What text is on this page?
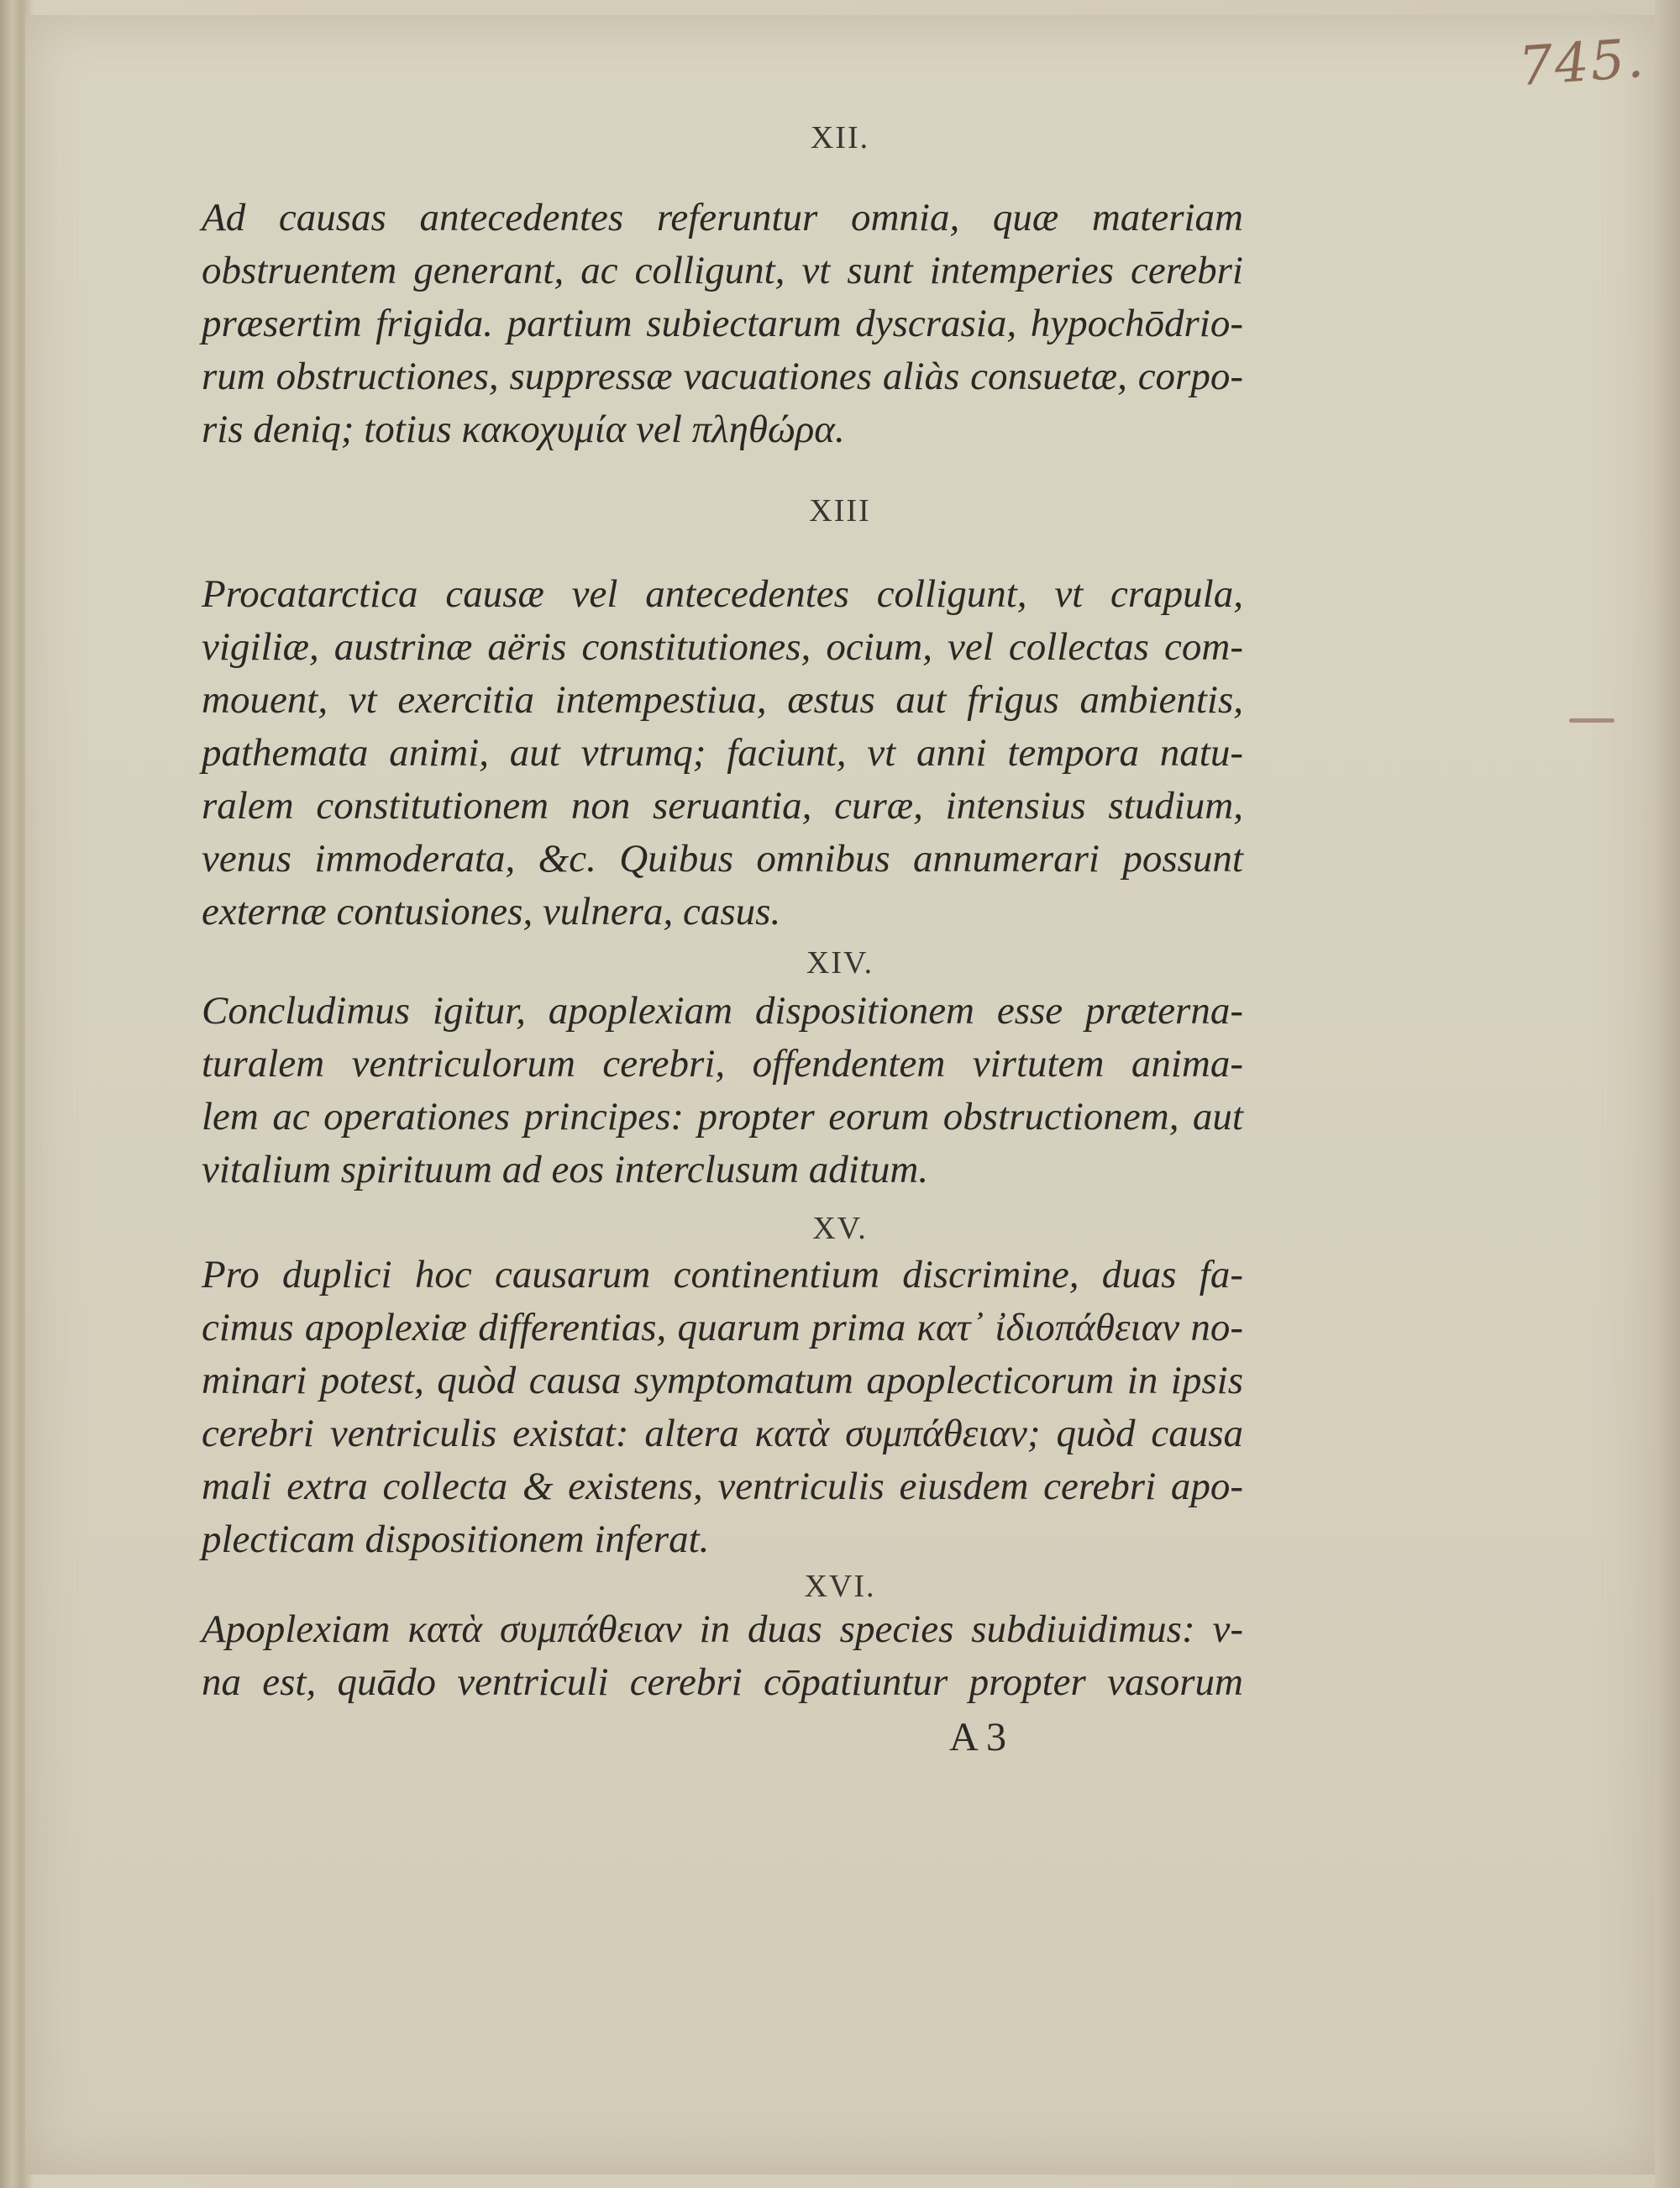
745.
XII.
Ad causas antecedentes referuntur omnia, quæ materiam
obstruentem generant, ac colligunt, vt sunt intemperies cerebri
præsertim frigida. partium subiectarum dyscrasia, hypochōdrio-
rum obstructiones, suppressæ vacuationes aliàs consuetæ, corpo-
ris deniq; totius κακοχυμία vel πληθώρα.
XIII
Procatarctica causæ vel antecedentes colligunt, vt crapula,
vigiliæ, austrinæ aëris constitutiones, ocium, vel collectas com-
mouent, vt exercitia intempestiua, æstus aut frigus ambientis,
pathemata animi, aut vtrumq; faciunt, vt anni tempora natu-
ralem constitutionem non seruantia, curæ, intensius studium,
venus immoderata, &c. Quibus omnibus annumerari possunt
externæ contusiones, vulnera, casus.
XIV.
Concludimus igitur, apoplexiam dispositionem esse præterna-
turalem ventriculorum cerebri, offendentem virtutem anima-
lem ac operationes principes: propter eorum obstructionem, aut
vitalium spirituum ad eos interclusum aditum.
XV.
Pro duplici hoc causarum continentium discrimine, duas fa-
cimus apoplexiæ differentias, quarum prima κατ᾽ ἰδιοπάθειαν no-
minari potest, quòd causa symptomatum apoplecticorum in ipsis
cerebri ventriculis existat: altera κατὰ συμπάθειαν; quòd causa
mali extra collecta & existens, ventriculis eiusdem cerebri apo-
plecticam dispositionem inferat.
XVI.
Apoplexiam κατὰ συμπάθειαν in duas species subdiuidimus: v-
na est, quādo ventriculi cerebri cōpatiuntur propter vasorum
A 3
